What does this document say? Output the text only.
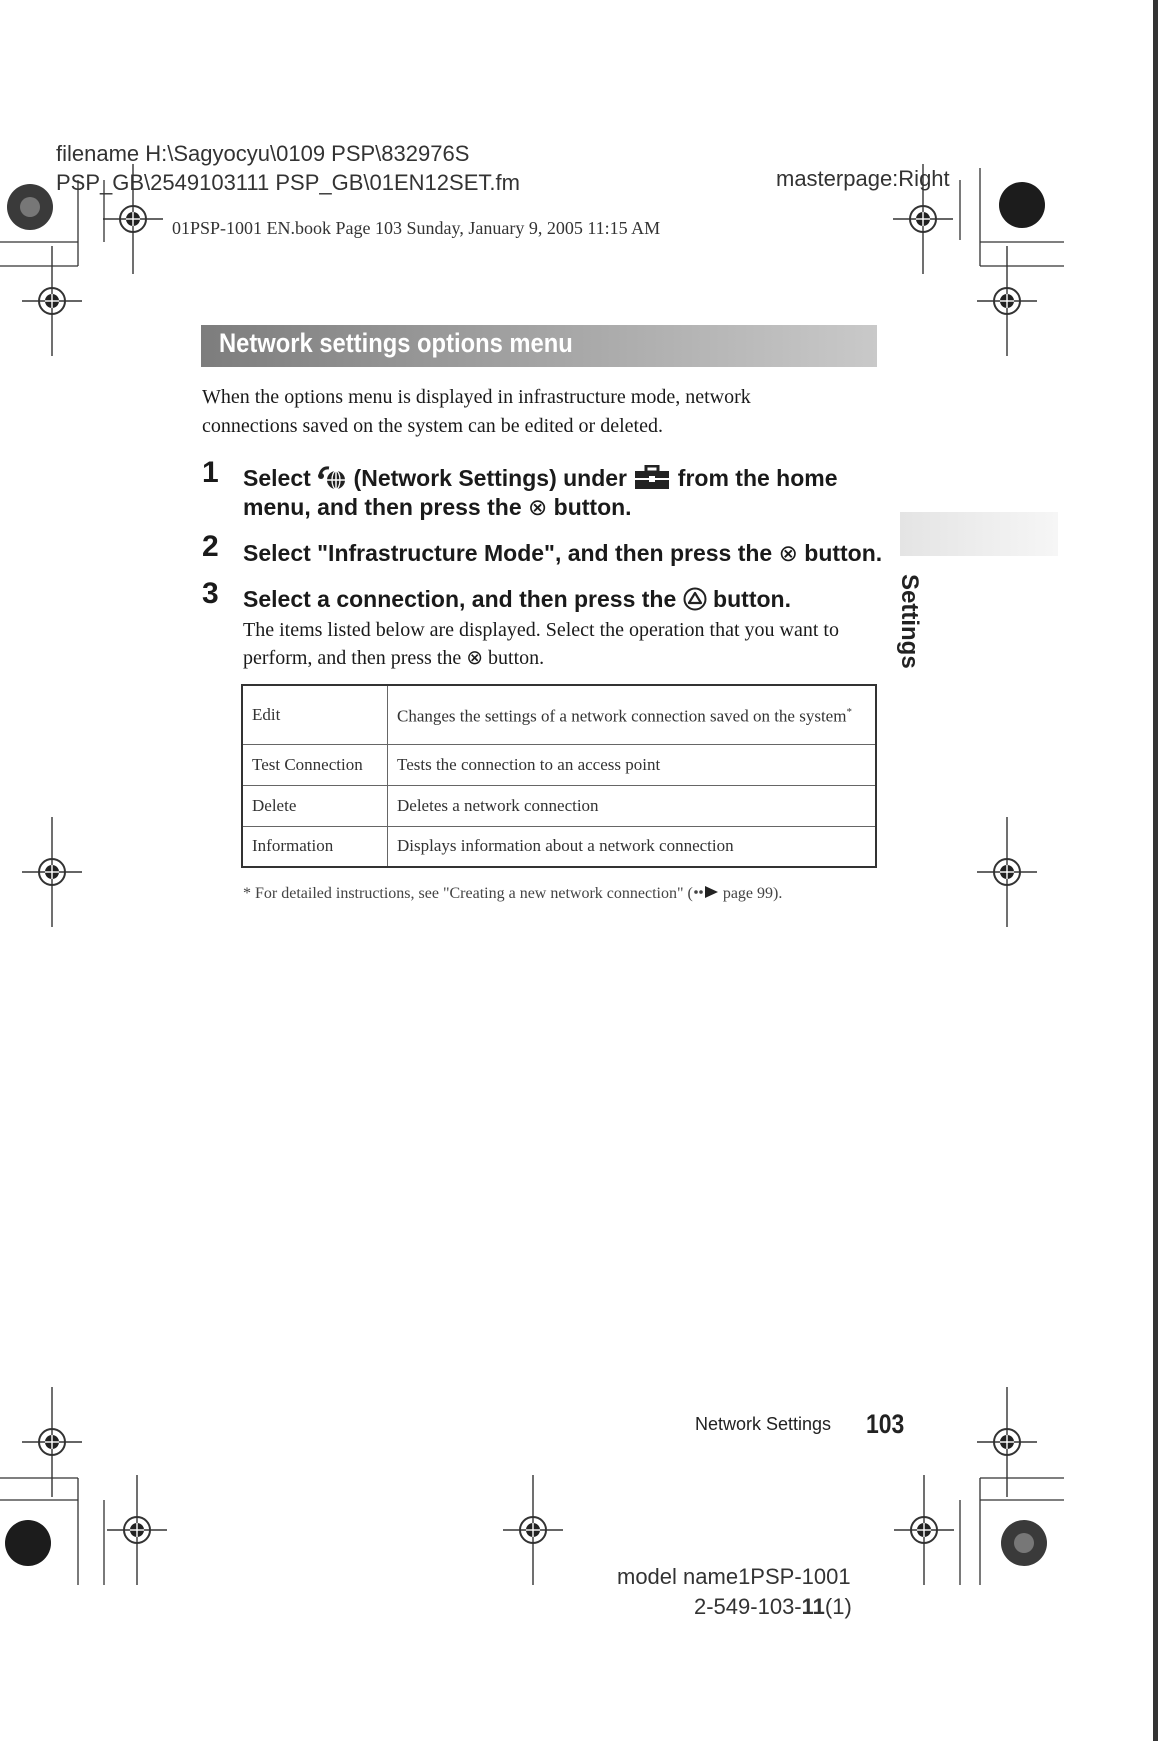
filename H:\Sagyocyu\0109 PSP\832976S
PSP_GB\2549103111 PSP_GB\01EN12SET.fm	masterpage:Right
01PSP-1001 EN.book Page 103 Sunday, January 9, 2005 11:15 AM
Network settings options menu
When the options menu is displayed in infrastructure mode, network connections saved on the system can be edited or deleted.
1 Select  (Network Settings) under  from the home
menu, and then press the ⊗ button.
2 Select "Infrastructure Mode", and then press the ⊗ button.
3 Select a connection, and then press the  button.
The items listed below are displayed. Select the operation that you want to perform, and then press the ⊗ button.
Edit	Changes the settings of a network connection saved on the system*
Test Connection	Tests the connection to an access point
Delete	Deletes a network connection
Information	Displays information about a network connection
* For detailed instructions, see "Creating a new network connection" ( page 99).
Settings
Network Settings 103
model name1PSP-1001
2-549-103-11(1)
